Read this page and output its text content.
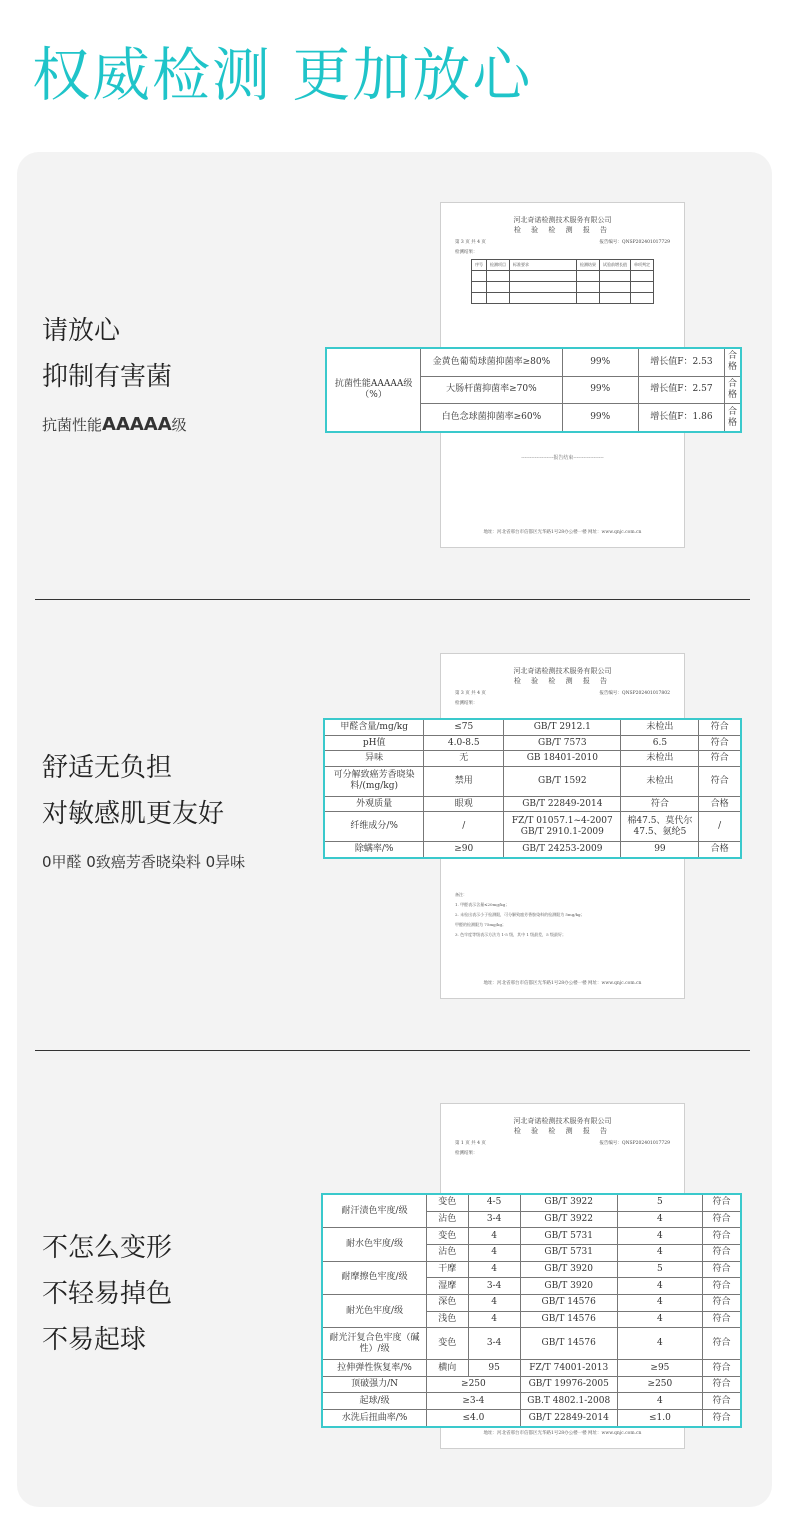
权威检测 更加放心
请放心
抑制有害菌
抗菌性能AAAAA级
河北奇诺检测技术服务有限公司
检 验 检 测 报 告
第 3 页 共 4 页	报告编号：QNSP202401017729
检测结果：
序号	检测项目	标准要求	检测结果	试验前增长值	单项判定

-------------------报告结束------------------
地址：河北省邢台市信都区光华路1号28办公楼一楼 网址：www.qnjc.com.cn
抗菌性能AAAAA级（%）	金黄色葡萄球菌抑菌率≥80%	99%	增长值F：2.53	合格
	大肠杆菌抑菌率≥70%	99%	增长值F：2.57	合格
	白色念球菌抑菌率≥60%	99%	增长值F：1.86	合格
舒适无负担
对敏感肌更友好
0甲醛 0致癌芳香晓染料 0异味
河北奇诺检测技术服务有限公司
检 验 检 测 报 告
第 3 页 共 4 页	报告编号：QNSP202401017802
检测结果：
备注：
1. 甲醛表示含量≤20mg/kg；
2. 未检出表示小于检测限，可分解致癌芳香胺染料的检测限为 5mg/kg；
甲醛的检测限为 75mg/kg；
3. 色牢度等级表示方法为 1-5 级，其中 1 级最差，5 级最好；
地址：河北省邢台市信都区光华路1号28办公楼一楼 网址：www.qnjc.com.cn
甲醛含量/mg/kg	≤75	GB/T 2912.1	未检出	符合
pH值	4.0-8.5	GB/T 7573	6.5	符合
异味	无	GB 18401-2010	未检出	符合
可分解致癌芳香晓染料/(mg/kg)	禁用	GB/T 1592	未检出	符合
外观质量	眼观	GB/T 22849-2014	符合	合格
纤维成分/%	/	FZ/T 01057.1~4-2007 GB/T 2910.1-2009	棉47.5、莫代尔47.5、氨纶5	/
除螨率/%	≥90	GB/T 24253-2009	99	合格
不怎么变形
不轻易掉色
不易起球
河北奇诺检测技术服务有限公司
检 验 检 测 报 告
第 1 页 共 4 页	报告编号：QNSP202401017729
检测结果：
地址：河北省邢台市信都区光华路1号28办公楼一楼 网址：www.qnjc.com.cn
耐汗渍色牢度/级	变色	4-5	GB/T 3922	5	符合
	沾色	3-4	GB/T 3922	4	符合
耐水色牢度/级	变色	4	GB/T 5731	4	符合
	沾色	4	GB/T 5731	4	符合
耐摩擦色牢度/级	干摩	4	GB/T 3920	5	符合
	湿摩	3-4	GB/T 3920	4	符合
耐光色牢度/级	深色	4	GB/T 14576	4	符合
	浅色	4	GB/T 14576	4	符合
耐光汗复合色牢度（碱性）/级	变色	3-4	GB/T 14576	4	符合
拉伸弹性恢复率/%	横向	95	FZ/T 74001-2013	≥95	符合
顶破强力/N	≥250		GB/T 19976-2005	≥250	符合
起球/级	≥3-4		GB.T 4802.1-2008	4	符合
水洗后扭曲率/%	≤4.0		GB/T 22849-2014	≤1.0	符合
